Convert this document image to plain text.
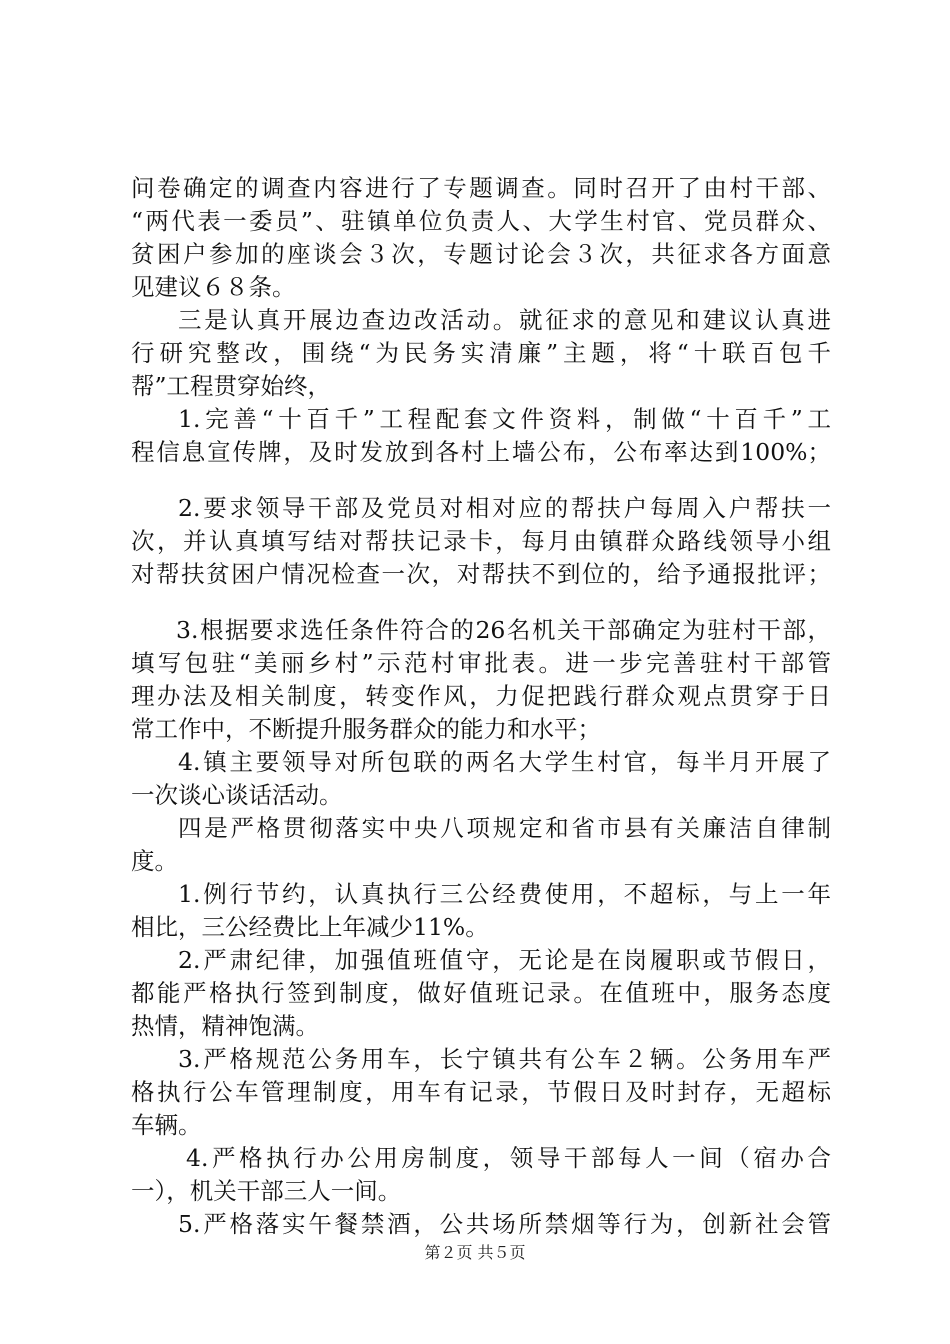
问卷确定的调查内容进行了专题调查。同时召开了由村干部、
“两代表一委员”、驻镇单位负责人、大学生村官、党员群众、
贫困户参加的座谈会３次，专题讨论会３次，共征求各方面意
见建议６８条。
三是认真开展边查边改活动。就征求的意见和建议认真进
行研究整改，围绕“为民务实清廉”主题，将“十联百包千
帮”工程贯穿始终，
1.完善“十百千”工程配套文件资料，制做“十百千”工
程信息宣传牌，及时发放到各村上墙公布，公布率达到100%；
2.要求领导干部及党员对相对应的帮扶户每周入户帮扶一
次，并认真填写结对帮扶记录卡，每月由镇群众路线领导小组
对帮扶贫困户情况检查一次，对帮扶不到位的，给予通报批评；
3.根据要求选任条件符合的26名机关干部确定为驻村干部，
填写包驻“美丽乡村”示范村审批表。进一步完善驻村干部管
理办法及相关制度，转变作风，力促把践行群众观点贯穿于日
常工作中，不断提升服务群众的能力和水平；
4.镇主要领导对所包联的两名大学生村官，每半月开展了
一次谈心谈话活动。
四是严格贯彻落实中央八项规定和省市县有关廉洁自律制
度。
1.例行节约，认真执行三公经费使用，不超标，与上一年
相比，三公经费比上年减少11%。
2.严肃纪律，加强值班值守，无论是在岗履职或节假日，
都能严格执行签到制度，做好值班记录。在值班中，服务态度
热情，精神饱满。
3.严格规范公务用车，长宁镇共有公车２辆。公务用车严
格执行公车管理制度，用车有记录，节假日及时封存，无超标
车辆。
4.严格执行办公用房制度，领导干部每人一间（宿办合
一），机关干部三人一间。
5.严格落实午餐禁酒，公共场所禁烟等行为，创新社会管
第２页 共５页
